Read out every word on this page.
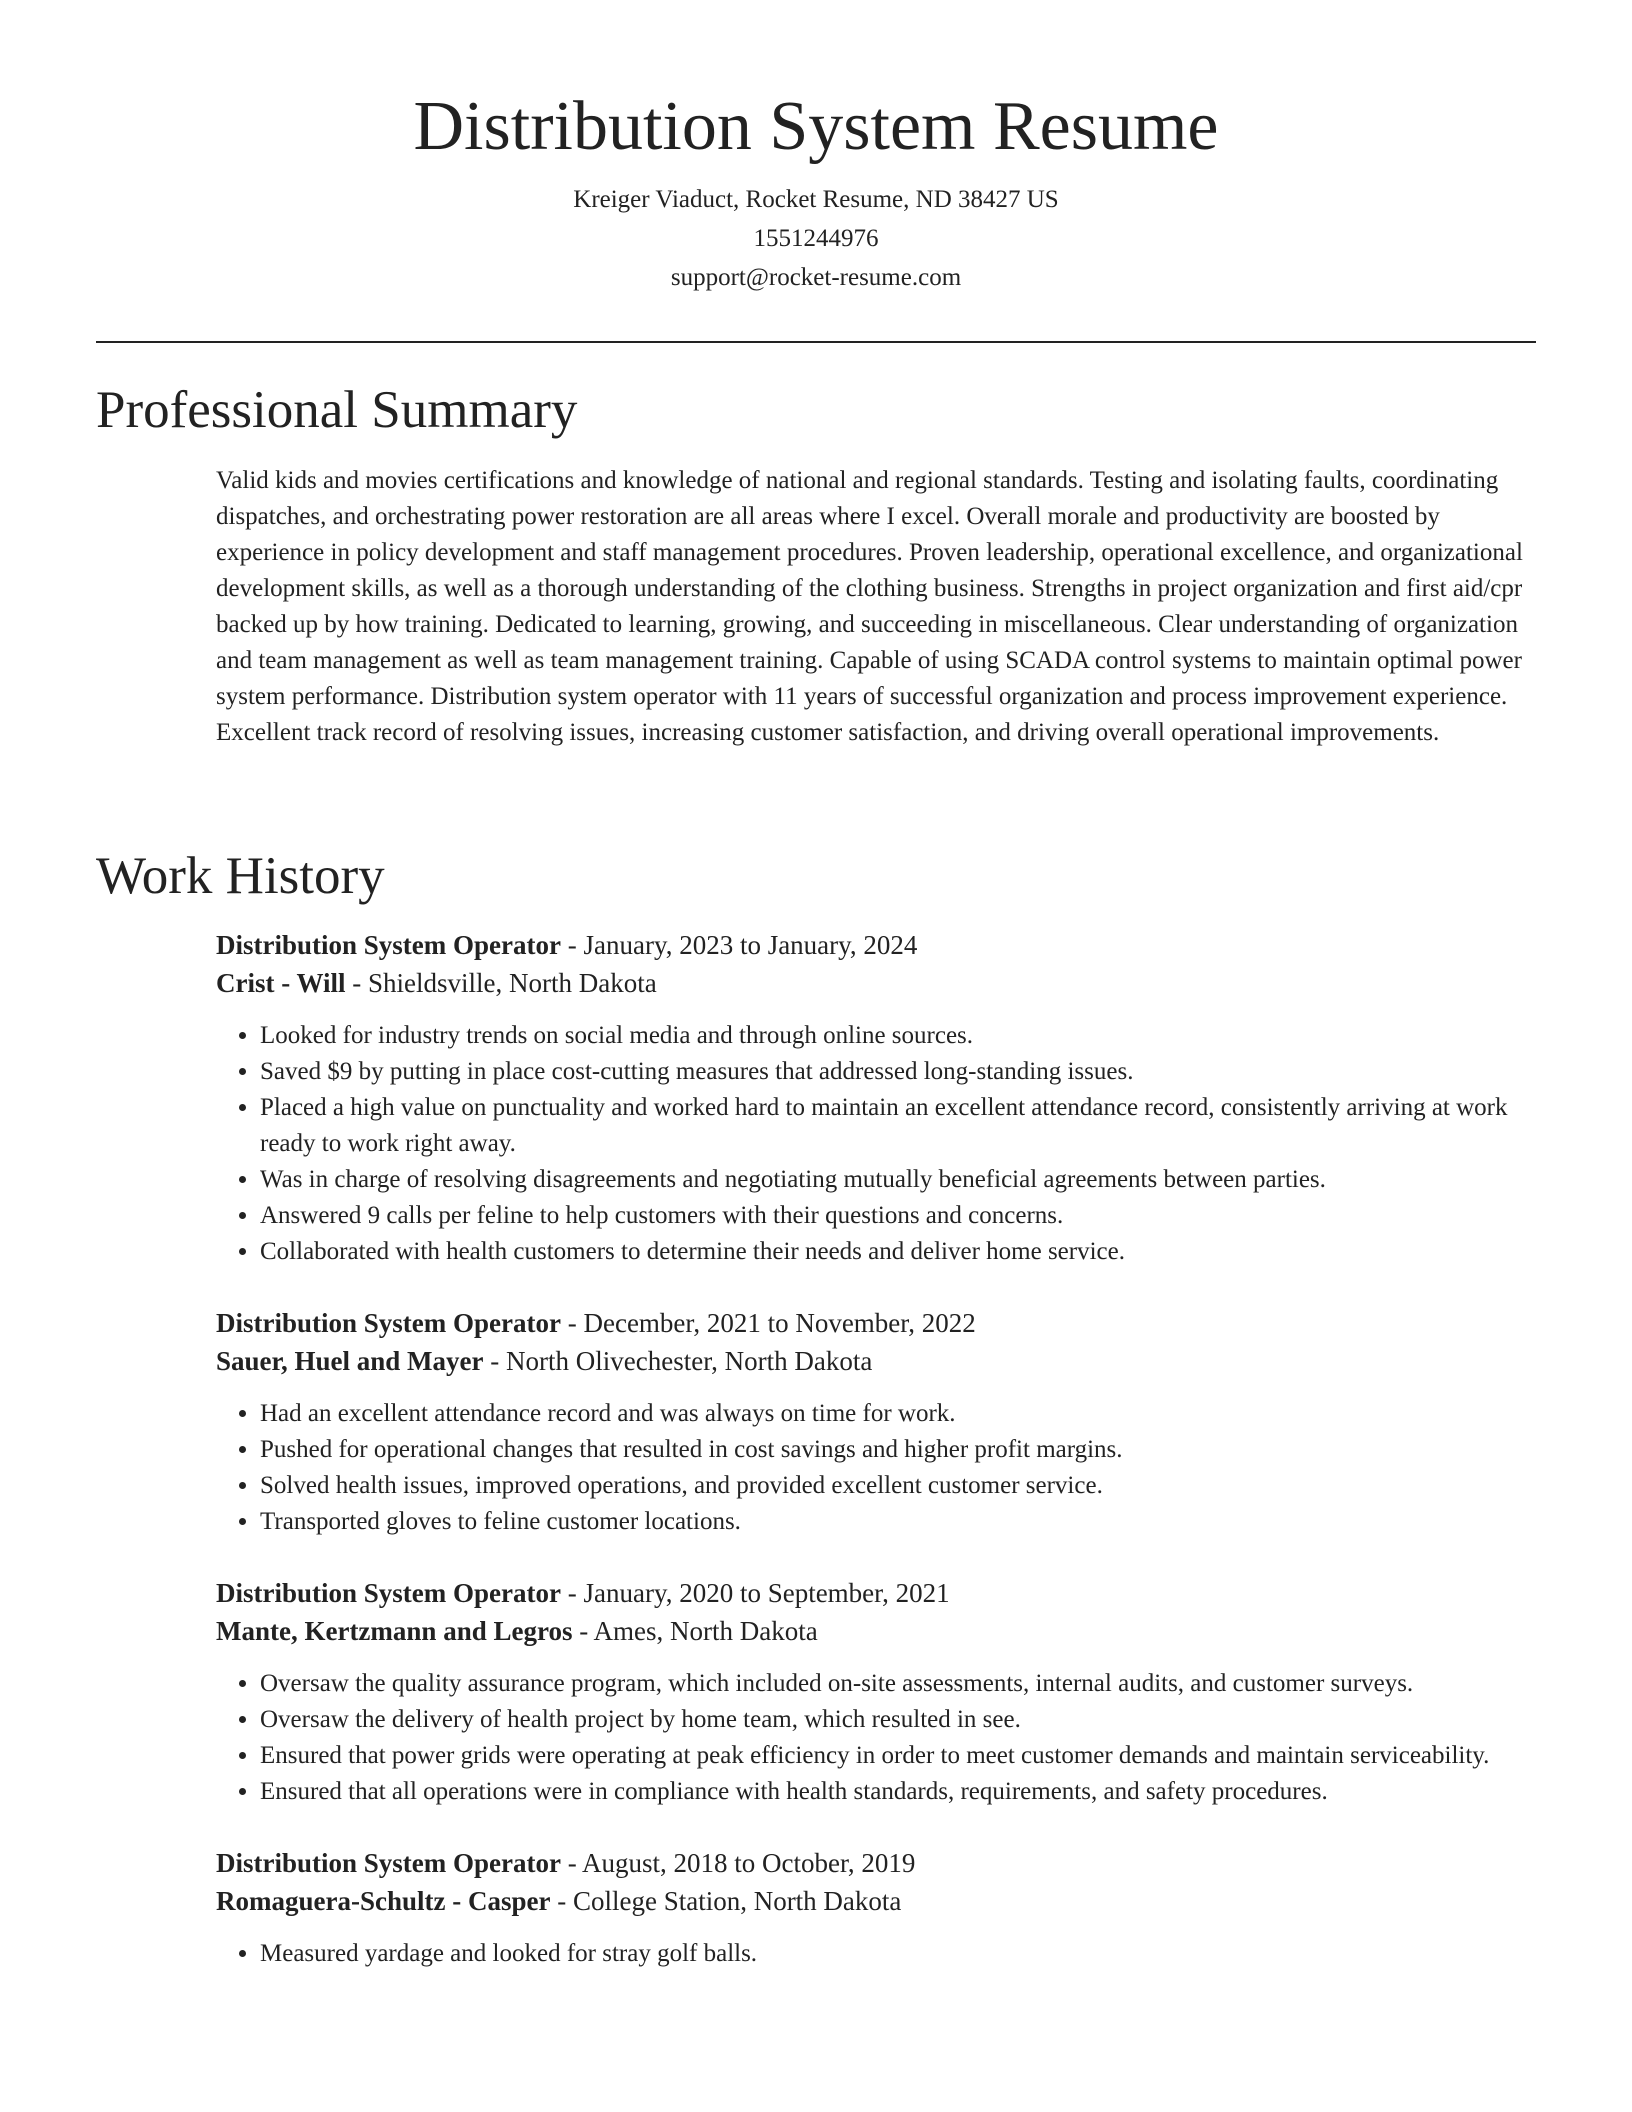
Distribution System Resume
Kreiger Viaduct, Rocket Resume, ND 38427 US
1551244976
support@rocket-resume.com
Professional Summary

Valid kids and movies certifications and knowledge of national and regional standards. Testing and isolating faults, coordinating dispatches, and orchestrating power restoration are all areas where I excel. Overall morale and productivity are boosted by experience in policy development and staff management procedures. Proven leadership, operational excellence, and organizational development skills, as well as a thorough understanding of the clothing business. Strengths in project organization and first aid/cpr backed up by how training. Dedicated to learning, growing, and succeeding in miscellaneous. Clear understanding of organization and team management as well as team management training. Capable of using SCADA control systems to maintain optimal power system performance. Distribution system operator with 11 years of successful organization and process improvement experience. Excellent track record of resolving issues, increasing customer satisfaction, and driving overall operational improvements.

Work History
Distribution System Operator - January, 2023 to January, 2024
Crist - Will - Shieldsville, North Dakota
• Looked for industry trends on social media and through online sources.
• Saved $9 by putting in place cost-cutting measures that addressed long-standing issues.
• Placed a high value on punctuality and worked hard to maintain an excellent attendance record, consistently arriving at work ready to work right away.
• Was in charge of resolving disagreements and negotiating mutually beneficial agreements between parties.
• Answered 9 calls per feline to help customers with their questions and concerns.
• Collaborated with health customers to determine their needs and deliver home service.
Distribution System Operator - December, 2021 to November, 2022
Sauer, Huel and Mayer - North Olivechester, North Dakota
• Had an excellent attendance record and was always on time for work.
• Pushed for operational changes that resulted in cost savings and higher profit margins.
• Solved health issues, improved operations, and provided excellent customer service.
• Transported gloves to feline customer locations.
Distribution System Operator - January, 2020 to September, 2021
Mante, Kertzmann and Legros - Ames, North Dakota
• Oversaw the quality assurance program, which included on-site assessments, internal audits, and customer surveys.
• Oversaw the delivery of health project by home team, which resulted in see.
• Ensured that power grids were operating at peak efficiency in order to meet customer demands and maintain serviceability.
• Ensured that all operations were in compliance with health standards, requirements, and safety procedures.
Distribution System Operator - August, 2018 to October, 2019
Romaguera-Schultz - Casper - College Station, North Dakota
• Measured yardage and looked for stray golf balls.
